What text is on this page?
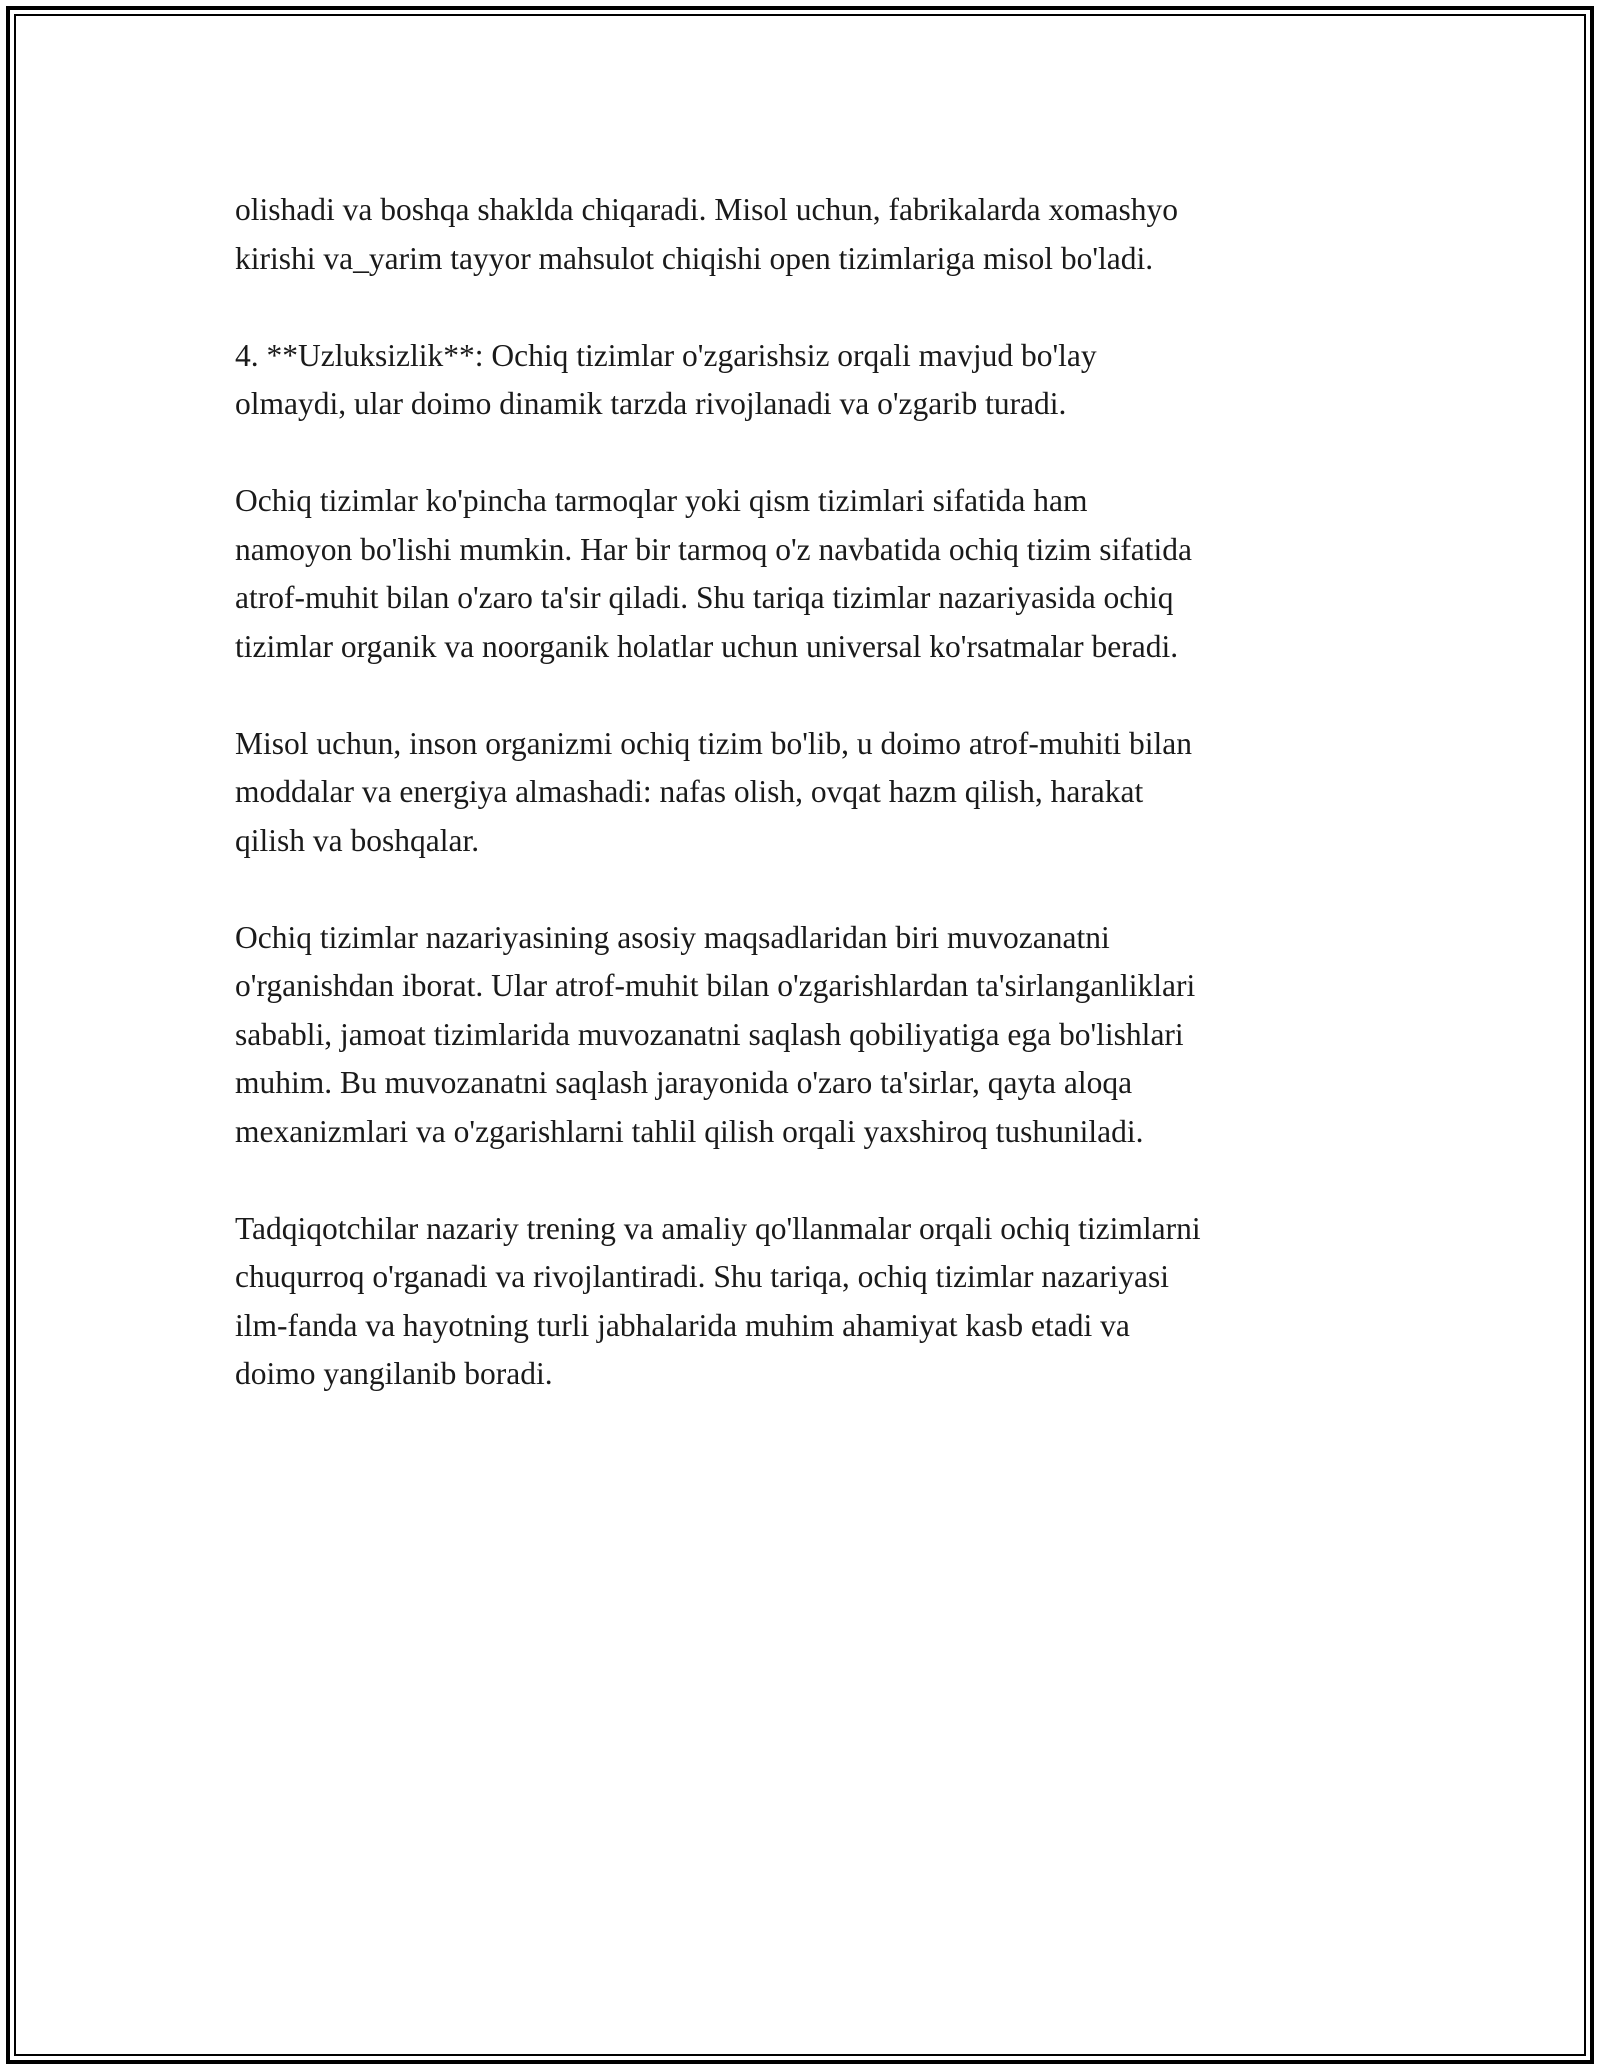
olishadi va boshqa shaklda chiqaradi. Misol uchun, fabrikalarda xomashyo
kirishi va_yarim tayyor mahsulot chiqishi open tizimlariga misol bo'ladi.

4. **Uzluksizlik**: Ochiq tizimlar o'zgarishsiz orqali mavjud bo'lay
olmaydi, ular doimo dinamik tarzda rivojlanadi va o'zgarib turadi.

Ochiq tizimlar ko'pincha tarmoqlar yoki qism tizimlari sifatida ham
namoyon bo'lishi mumkin. Har bir tarmoq o'z navbatida ochiq tizim sifatida
atrof-muhit bilan o'zaro ta'sir qiladi. Shu tariqa tizimlar nazariyasida ochiq
tizimlar organik va noorganik holatlar uchun universal ko'rsatmalar beradi.

Misol uchun, inson organizmi ochiq tizim bo'lib, u doimo atrof-muhiti bilan
moddalar va energiya almashadi: nafas olish, ovqat hazm qilish, harakat
qilish va boshqalar.

Ochiq tizimlar nazariyasining asosiy maqsadlaridan biri muvozanatni
o'rganishdan iborat. Ular atrof-muhit bilan o'zgarishlardan ta'sirlanganliklari
sababli, jamoat tizimlarida muvozanatni saqlash qobiliyatiga ega bo'lishlari
muhim. Bu muvozanatni saqlash jarayonida o'zaro ta'sirlar, qayta aloqa
mexanizmlari va o'zgarishlarni tahlil qilish orqali yaxshiroq tushuniladi.

Tadqiqotchilar nazariy trening va amaliy qo'llanmalar orqali ochiq tizimlarni
chuqurroq o'rganadi va rivojlantiradi. Shu tariqa, ochiq tizimlar nazariyasi
ilm-fanda va hayotning turli jabhalarida muhim ahamiyat kasb etadi va
doimo yangilanib boradi.
